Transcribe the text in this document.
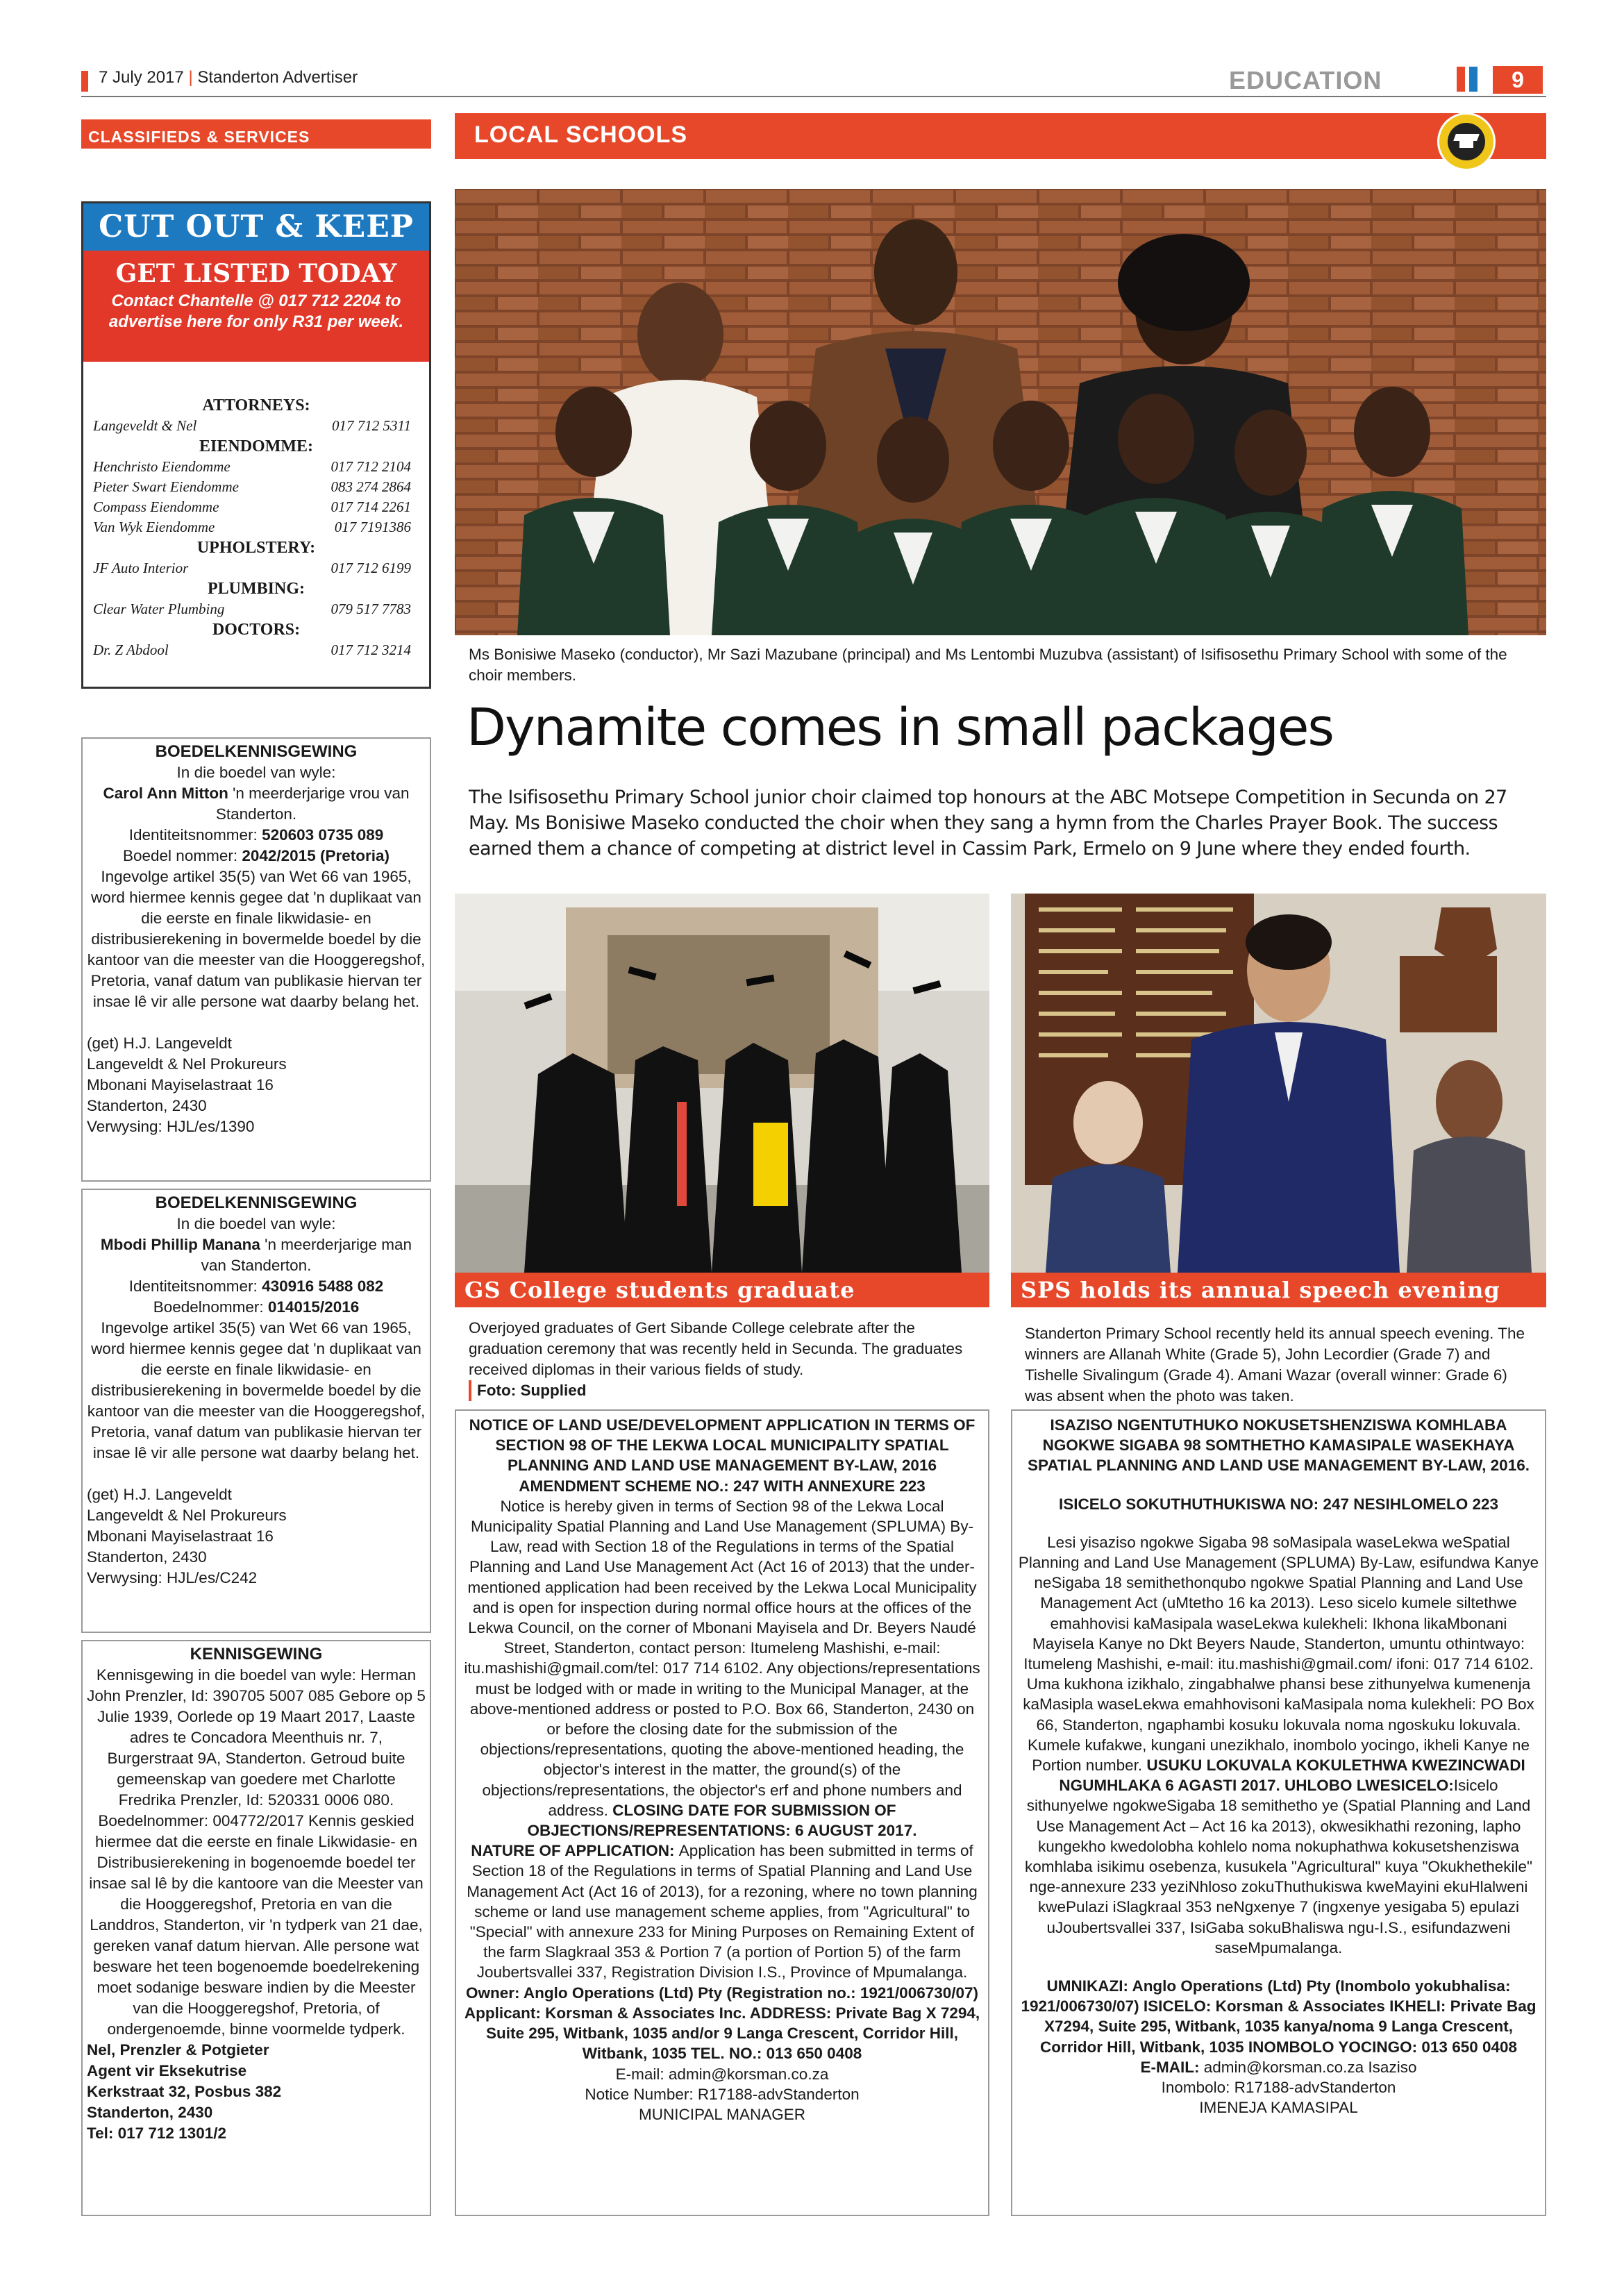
7 July 2017 | Standerton Advertiser	EDUCATION	9
CLASSIFIEDS & SERVICES
CUT OUT & KEEP
GET LISTED TODAY
Contact Chantelle @ 017 712 2204 to advertise here for only R31 per week.
ATTORNEYS:
Langeveldt & Nel	017 712 5311
EIENDOMME:
Henchristo Eiendomme	017 712 2104
Pieter Swart Eiendomme	083 274 2864
Compass Eiendomme	017 714 2261
Van Wyk Eiendomme	017 7191386
UPHOLSTERY:
JF Auto Interior	017 712 6199
PLUMBING:
Clear Water Plumbing	079 517 7783
DOCTORS:
Dr. Z Abdool	017 712 3214
BOEDELKENNISGEWING
In die boedel van wyle:
Carol Ann Mitton 'n meerderjarige vrou van Standerton.
Identiteitsnommer: 520603 0735 089
Boedel nommer: 2042/2015 (Pretoria)
Ingevolge artikel 35(5) van Wet 66 van 1965, word hiermee kennis gegee dat 'n duplikaat van die eerste en finale likwidasie- en distribusierekening in bovermelde boedel by die kantoor van die meester van die Hooggeregshof, Pretoria, vanaf datum van publikasie hiervan ter insae lê vir alle persone wat daarby belang het.
(get) H.J. Langeveldt
Langeveldt & Nel Prokureurs
Mbonani Mayiselastraat 16
Standerton, 2430
Verwysing: HJL/es/1390
BOEDELKENNISGEWING
In die boedel van wyle:
Mbodi Phillip Manana 'n meerderjarige man van Standerton.
Identiteitsnommer: 430916 5488 082
Boedelnommer: 014015/2016
Ingevolge artikel 35(5) van Wet 66 van 1965, word hiermee kennis gegee dat 'n duplikaat van die eerste en finale likwidasie- en distribusierekening in bovermelde boedel by die kantoor van die meester van die Hooggeregshof, Pretoria, vanaf datum van publikasie hiervan ter insae lê vir alle persone wat daarby belang het.
(get) H.J. Langeveldt
Langeveldt & Nel Prokureurs
Mbonani Mayiselastraat 16
Standerton, 2430
Verwysing: HJL/es/C242
KENNISGEWING
Kennisgewing in die boedel van wyle: Herman John Prenzler, Id: 390705 5007 085 Gebore op 5 Julie 1939, Oorlede op 19 Maart 2017, Laaste adres te Concadora Meenthuis nr. 7, Burgerstraat 9A, Standerton. Getroud buite gemeenskap van goedere met Charlotte Fredrika Prenzler, Id: 520331 0006 080. Boedelnommer: 004772/2017 Kennis geskied hiermee dat die eerste en finale Likwidasie- en Distribusierekening in bogenoemde boedel ter insae sal lê by die kantoore van die Meester van die Hooggeregshof, Pretoria en van die Landdros, Standerton, vir 'n tydperk van 21 dae, gereken vanaf datum hiervan. Alle persone wat besware het teen bogenoemde boedelrekening moet sodanige besware indien by die Meester van die Hooggeregshof, Pretoria, of ondergenoemde, binne voormelde tydperk.
Nel, Prenzler & Potgieter
Agent vir Eksekutrise
Kerkstraat 32, Posbus 382
Standerton, 2430
Tel: 017 712 1301/2
LOCAL SCHOOLS
Ms Bonisiwe Maseko (conductor), Mr Sazi Mazubane (principal) and Ms Lentombi Muzubva (assistant) of Isifisosethu Primary School with some of the choir members.
Dynamite comes in small packages
The Isifisosethu Primary School junior choir claimed top honours at the ABC Motsepe Competition in Secunda on 27 May. Ms Bonisiwe Maseko conducted the choir when they sang a hymn from the Charles Prayer Book. The success earned them a chance of competing at district level in Cassim Park, Ermelo on 9 June where they ended fourth.
GS College students graduate
Overjoyed graduates of Gert Sibande College celebrate after the graduation ceremony that was recently held in Secunda. The graduates received diplomas in their various fields of study.
Foto: Supplied
SPS holds its annual speech evening
Standerton Primary School recently held its annual speech evening. The winners are Allanah White (Grade 5), John Lecordier (Grade 7) and Tishelle Sivalingum (Grade 4). Amani Wazar (overall winner: Grade 6) was absent when the photo was taken.
NOTICE OF LAND USE/DEVELOPMENT APPLICATION IN TERMS OF SECTION 98 OF THE LEKWA LOCAL MUNICIPALITY SPATIAL PLANNING AND LAND USE MANAGEMENT BY-LAW, 2016
AMENDMENT SCHEME NO.: 247 WITH ANNEXURE 223
Notice is hereby given in terms of Section 98 of the Lekwa Local Municipality Spatial Planning and Land Use Management (SPLUMA) By-Law, read with Section 18 of the Regulations in terms of the Spatial Planning and Land Use Management Act (Act 16 of 2013) that the under-mentioned application had been received by the Lekwa Local Municipality and is open for inspection during normal office hours at the offices of the Lekwa Council, on the corner of Mbonani Mayisela and Dr. Beyers Naudé Street, Standerton, contact person: Itumeleng Mashishi, e-mail: itu.mashishi@gmail.com/tel: 017 714 6102. Any objections/representations must be lodged with or made in writing to the Municipal Manager, at the above-mentioned address or posted to P.O. Box 66, Standerton, 2430 on or before the closing date for the submission of the objections/representations, quoting the above-mentioned heading, the objector's interest in the matter, the ground(s) of the objections/representations, the objector's erf and phone numbers and address. CLOSING DATE FOR SUBMISSION OF OBJECTIONS/REPRESENTATIONS: 6 AUGUST 2017.
NATURE OF APPLICATION: Application has been submitted in terms of Section 18 of the Regulations in terms of Spatial Planning and Land Use Management Act (Act 16 of 2013), for a rezoning, where no town planning scheme or land use management scheme applies, from "Agricultural" to "Special" with annexure 233 for Mining Purposes on Remaining Extent of the farm Slagkraal 353 & Portion 7 (a portion of Portion 5) of the farm Joubertsvallei 337, Registration Division I.S., Province of Mpumalanga.
Owner: Anglo Operations (Ltd) Pty (Registration no.: 1921/006730/07) Applicant: Korsman & Associates Inc. ADDRESS: Private Bag X 7294, Suite 295, Witbank, 1035 and/or 9 Langa Crescent, Corridor Hill, Witbank, 1035 TEL. NO.: 013 650 0408
E-mail: admin@korsman.co.za
Notice Number: R17188-advStanderton
MUNICIPAL MANAGER
ISAZISO NGENTUTHUKO NOKUSETSHENZISWA KOMHLABA NGOKWE SIGABA 98 SOMTHETHO KAMASIPALE WASEKHAYA SPATIAL PLANNING AND LAND USE MANAGEMENT BY-LAW, 2016.
ISICELO SOKUTHUTHUKISWA NO: 247 NESIHLOMELO 223
Lesi yisaziso ngokwe Sigaba 98 soMasipala waseLekwa weSpatial Planning and Land Use Management (SPLUMA) By-Law, esifundwa Kanye neSigaba 18 semithethonqubo ngokwe Spatial Planning and Land Use Management Act (uMtetho 16 ka 2013). Leso sicelo kumele siltethwe emahhovisi kaMasipala waseLekwa kulekheli: Ikhona likaMbonani Mayisela Kanye no Dkt Beyers Naude, Standerton, umuntu othintwayo: Itumeleng Mashishi, e-mail: itu.mashishi@gmail.com/ ifoni: 017 714 6102. Uma kukhona izikhalo, zingabhalwe phansi bese zithunyelwa kumenenja kaMasipla waseLekwa emahhovisoni kaMasipala noma kulekheli: PO Box 66, Standerton, ngaphambi kosuku lokuvala noma ngoskuku lokuvala. Kumele kufakwe, kungani unezikhalo, inombolo yocingo, ikheli Kanye ne Portion number. USUKU LOKUVALA KOKULETHWA KWEZINCWADI NGUMHLAKA 6 AGASTI 2017. UHLOBO LWESICELO:Isicelo sithunyelwe ngokweSigaba 18 semithetho ye (Spatial Planning and Land Use Management Act – Act 16 ka 2013), okwesikhathi rezoning, lapho kungekho kwedolobha kohlelo noma nokuphathwa kokusetshenziswa komhlaba isikimu osebenza, kusukela "Agricultural" kuya "Okukhethekile" nge-annexure 233 yeziNhloso zokuThuthukiswa kweMayini ekuHlalweni kwePulazi iSlagkraal 353 neNgxenye 7 (ingxenye yesigaba 5) epulazi uJoubertsvallei 337, IsiGaba sokuBhaliswa ngu-I.S., esifundazweni saseMpumalanga.
UMNIKAZI: Anglo Operations (Ltd) Pty (Inombolo yokubhalisa: 1921/006730/07) ISICELO: Korsman & Associates IKHELI: Private Bag X7294, Suite 295, Witbank, 1035 kanya/noma 9 Langa Crescent, Corridor Hill, Witbank, 1035 INOMBOLO YOCINGO: 013 650 0408
E-MAIL: admin@korsman.co.za Isaziso
Inombolo: R17188-advStanderton
IMENEJA KAMASIPAL
